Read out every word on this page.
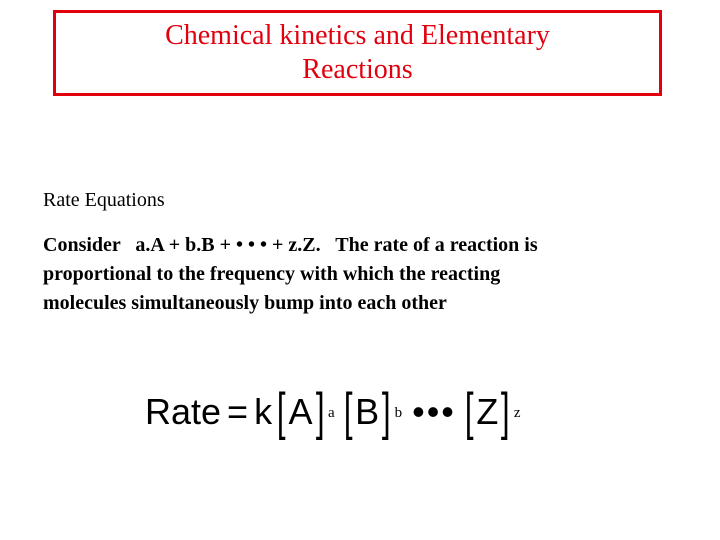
Chemical kinetics and Elementary
Reactions
Rate Equations
Consider   a.A + b.B + • • • + z.Z.   The rate of a reaction is
proportional to the frequency with which the reacting
molecules simultaneously bump into each other
Rate = k [ A ] a [ B ] b ••• [ Z ] z
